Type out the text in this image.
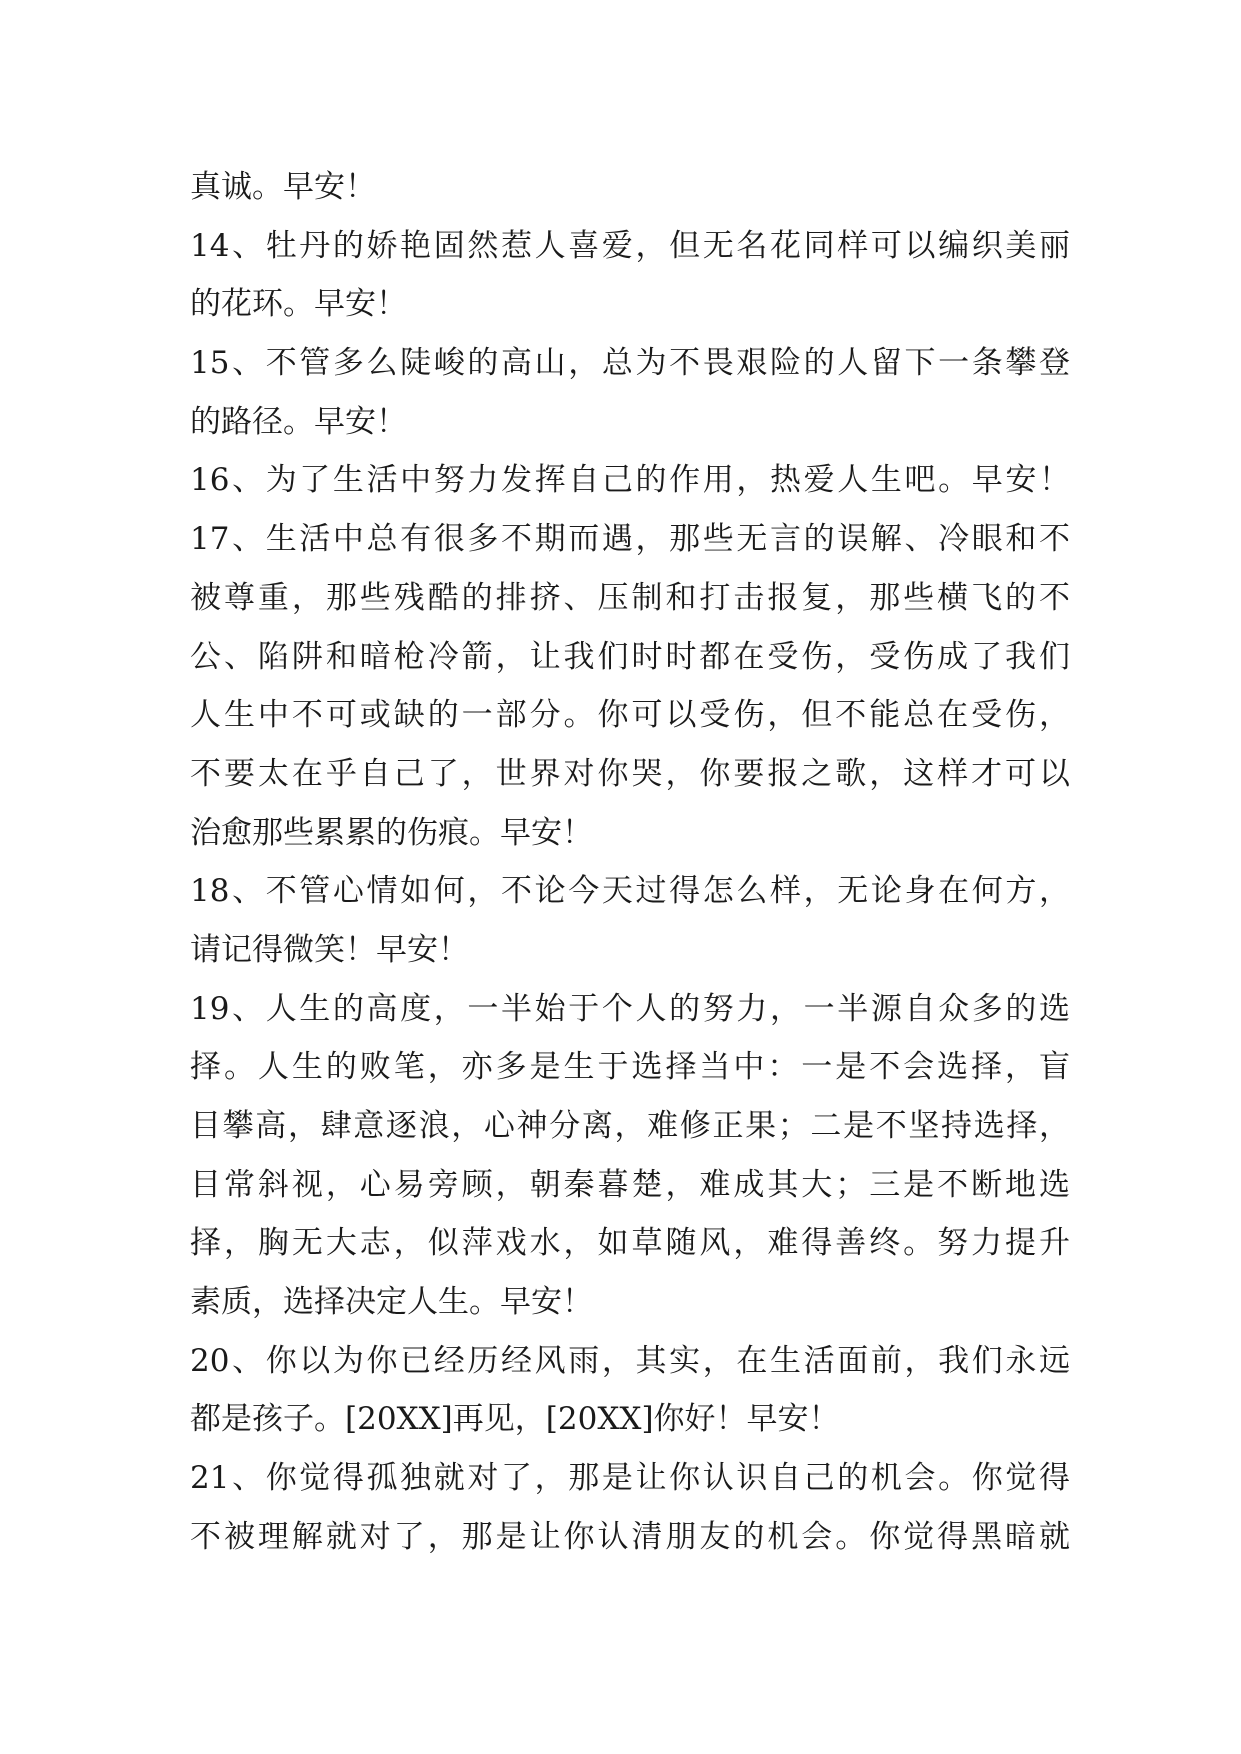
真诚。早安！
14、牡丹的娇艳固然惹人喜爱，但无名花同样可以编织美丽
的花环。早安！
15、不管多么陡峻的高山，总为不畏艰险的人留下一条攀登
的路径。早安！
16、为了生活中努力发挥自己的作用，热爱人生吧。早安！
17、生活中总有很多不期而遇，那些无言的误解、冷眼和不
被尊重，那些残酷的排挤、压制和打击报复，那些横飞的不
公、陷阱和暗枪冷箭，让我们时时都在受伤，受伤成了我们
人生中不可或缺的一部分。你可以受伤，但不能总在受伤，
不要太在乎自己了，世界对你哭，你要报之歌，这样才可以
治愈那些累累的伤痕。早安！
18、不管心情如何，不论今天过得怎么样，无论身在何方，
请记得微笑！早安！
19、人生的高度，一半始于个人的努力，一半源自众多的选
择。人生的败笔，亦多是生于选择当中：一是不会选择，盲
目攀高，肆意逐浪，心神分离，难修正果；二是不坚持选择，
目常斜视，心易旁顾，朝秦暮楚，难成其大；三是不断地选
择，胸无大志，似萍戏水，如草随风，难得善终。努力提升
素质，选择决定人生。早安！
20、你以为你已经历经风雨，其实，在生活面前，我们永远
都是孩子。[20XX]再见，[20XX]你好！早安！
21、你觉得孤独就对了，那是让你认识自己的机会。你觉得
不被理解就对了，那是让你认清朋友的机会。你觉得黑暗就
